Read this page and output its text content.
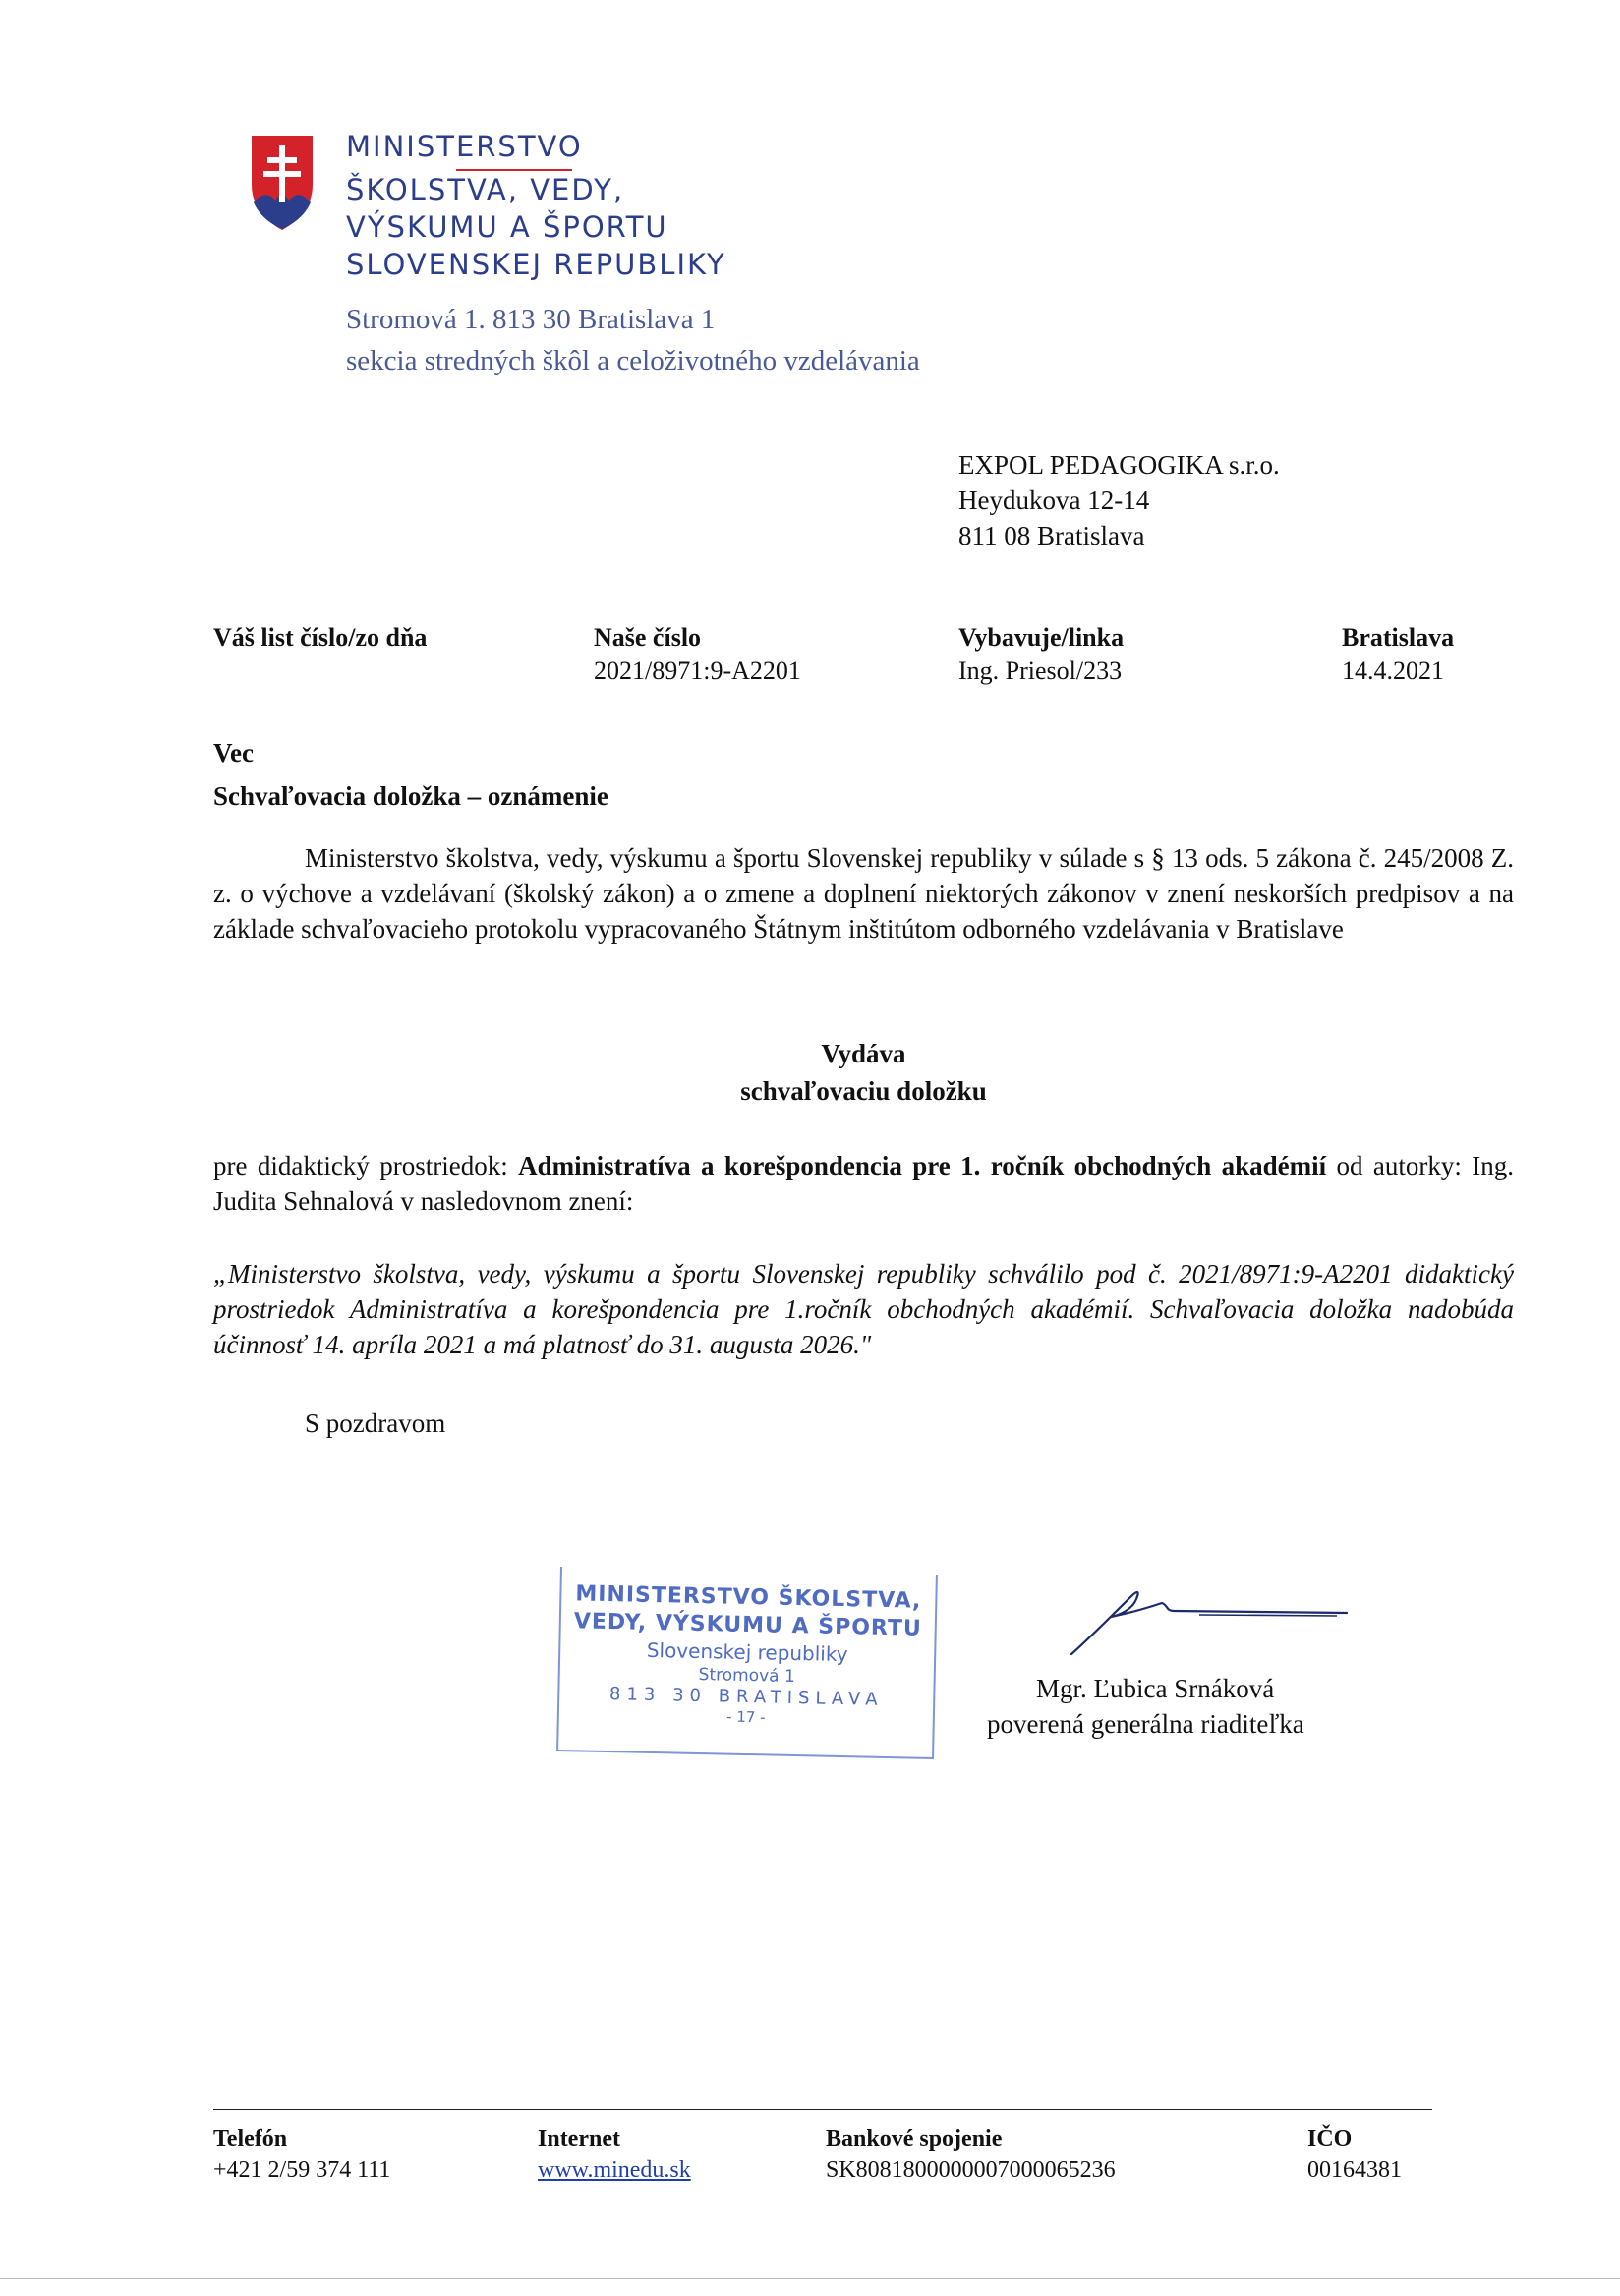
MINISTERSTVO
ŠKOLSTVA, VEDY,
VÝSKUMU A ŠPORTU
SLOVENSKEJ REPUBLIKY
Stromová 1. 813 30 Bratislava 1
sekcia stredných škôl a celoživotného vzdelávania
EXPOL PEDAGOGIKA s.r.o.
Heydukova 12-14
811 08 Bratislava
Váš list číslo/zo dňa	Naše číslo
2021/8971:9-A2201
Vybavuje/linka
Ing. Priesol/233
Bratislava
14.4.2021
Vec
Schvaľovacia doložka – oznámenie
Ministerstvo školstva, vedy, výskumu a športu Slovenskej republiky v súlade s § 13 ods. 5 zákona č. 245/2008 Z. z. o výchove a vzdelávaní (školský zákon) a o zmene a doplnení niektorých zákonov v znení neskorších predpisov a na základe schvaľovacieho protokolu vypracovaného Štátnym inštitútom odborného vzdelávania v Bratislave
Vydáva
schvaľovaciu doložku
pre didaktický prostriedok: Administratíva a korešpondencia pre 1. ročník obchodných akadémií od autorky: Ing. Judita Sehnalová v nasledovnom znení:
„Ministerstvo školstva, vedy, výskumu a športu Slovenskej republiky schválilo pod č. 2021/8971:9-A2201 didaktický prostriedok Administratíva a korešpondencia pre 1.ročník obchodných akadémií. Schvaľovacia doložka nadobúda účinnosť 14. apríla 2021 a má platnosť do 31. augusta 2026."
S pozdravom
MINISTERSTVO ŠKOLSTVA,
VEDY, VÝSKUMU A ŠPORTU
Slovenskej republiky
Stromová 1
813 30 BRATISLAVA
- 17 -
Mgr. Ľubica Srnáková
poverená generálna riaditeľka
Telefón
+421 2/59 374 111
Internet
www.minedu.sk
Bankové spojenie
SK8081800000007000065236
IČO
00164381
